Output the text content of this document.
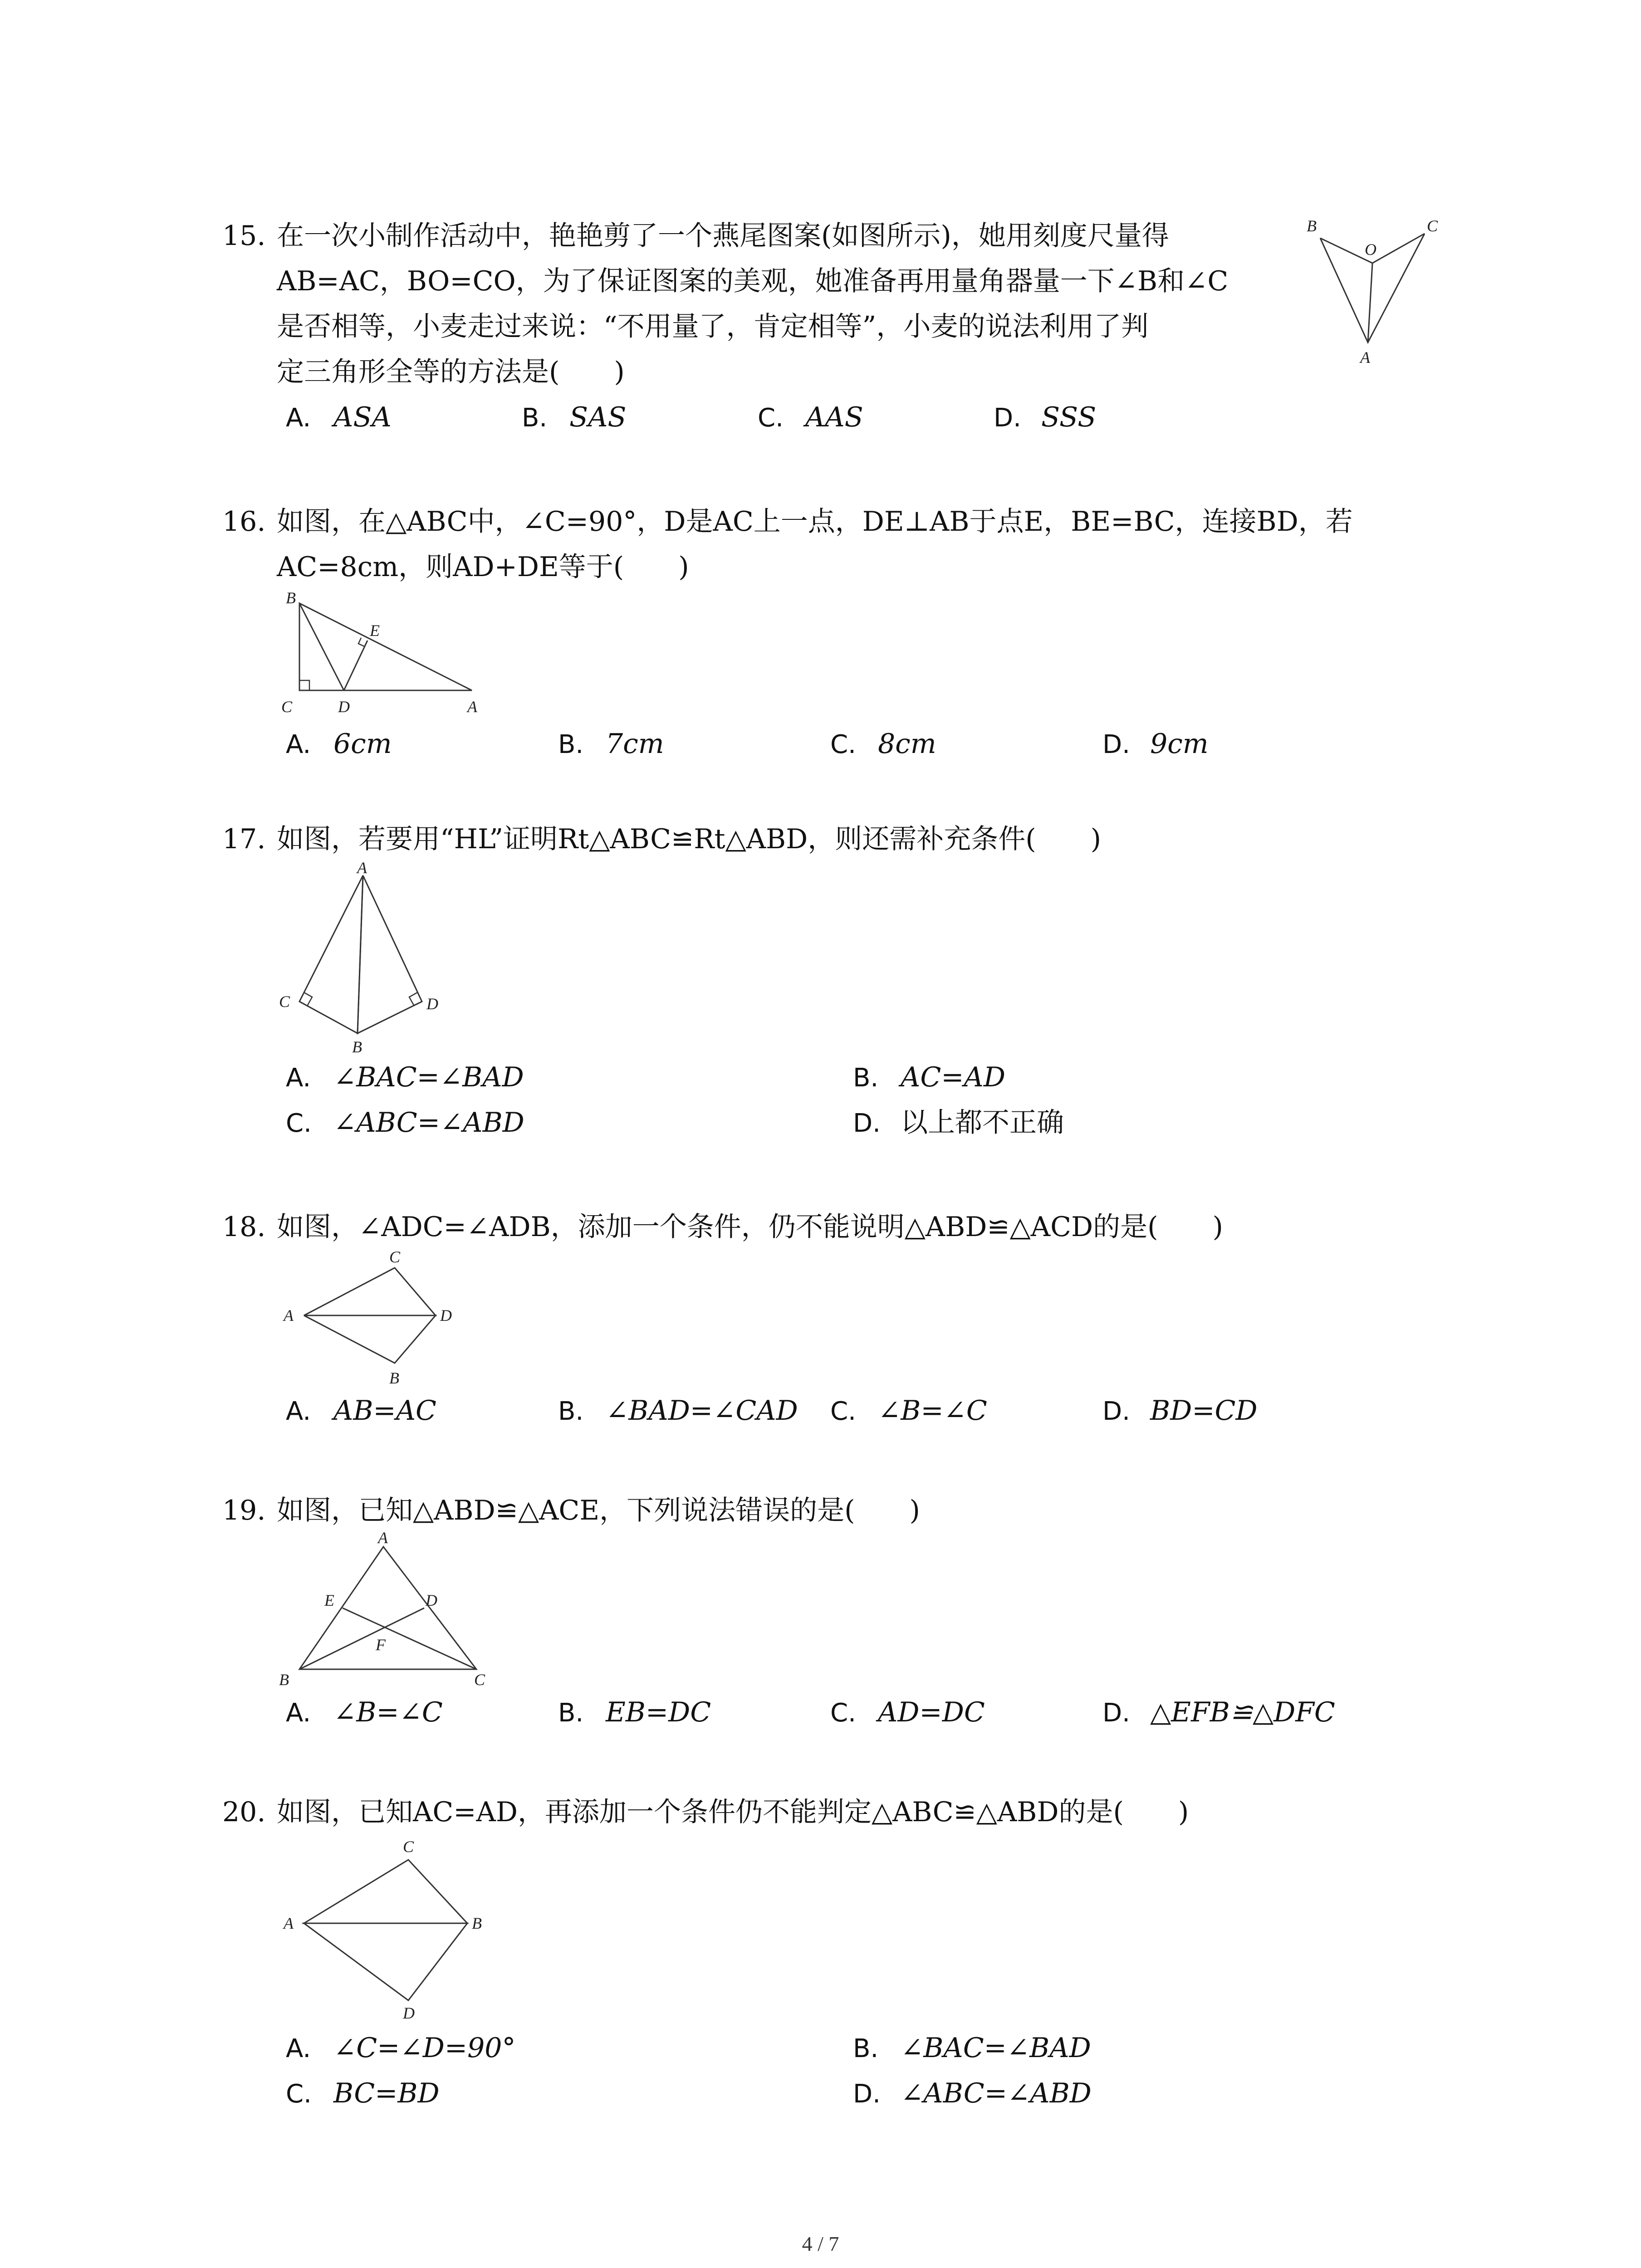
15. 在一次小制作活动中，艳艳剪了一个燕尾图案(如图所示)，她用刻度尺量得
AB=AC，BO=CO，为了保证图案的美观，她准备再用量角器量一下∠B和∠C
是否相等，小麦走过来说：“不用量了，肯定相等”，小麦的说法利用了判
定三角形全等的方法是(　　)
A. ASA	B. SAS	C. AAS	D. SSS
B
O
C
A
16. 如图，在△ABC中，∠C=90°，D是AC上一点，DE⊥AB于点E，BE=BC，连接BD，若
AC=8cm，则AD+DE等于(　　)
B
E
C	D	A
A. 6cm	B. 7cm	C. 8cm	D. 9cm
17. 如图，若要用“HL”证明Rt△ABC≌Rt△ABD，则还需补充条件(　　)
A
C	D
B
A. ∠BAC=∠BAD	B. AC=AD
C. ∠ABC=∠ABD	D. 以上都不正确
18. 如图，∠ADC=∠ADB，添加一个条件，仍不能说明△ABD≌△ACD的是(　　)
C
A	D
B
A. AB=AC	B. ∠BAD=∠CAD C. ∠B=∠C	D. BD=CD
19. 如图，已知△ABD≌△ACE，下列说法错误的是(　　)
A
E	D
F
B	C
A. ∠B=∠C	B. EB=DC	C. AD=DC	D. △EFB≌△DFC
20. 如图，已知AC=AD，再添加一个条件仍不能判定△ABC≌△ABD的是(　　)
C
A	B
D
A. ∠C=∠D=90°	B. ∠BAC=∠BAD
C. BC=BD	D. ∠ABC=∠ABD
4 / 7
